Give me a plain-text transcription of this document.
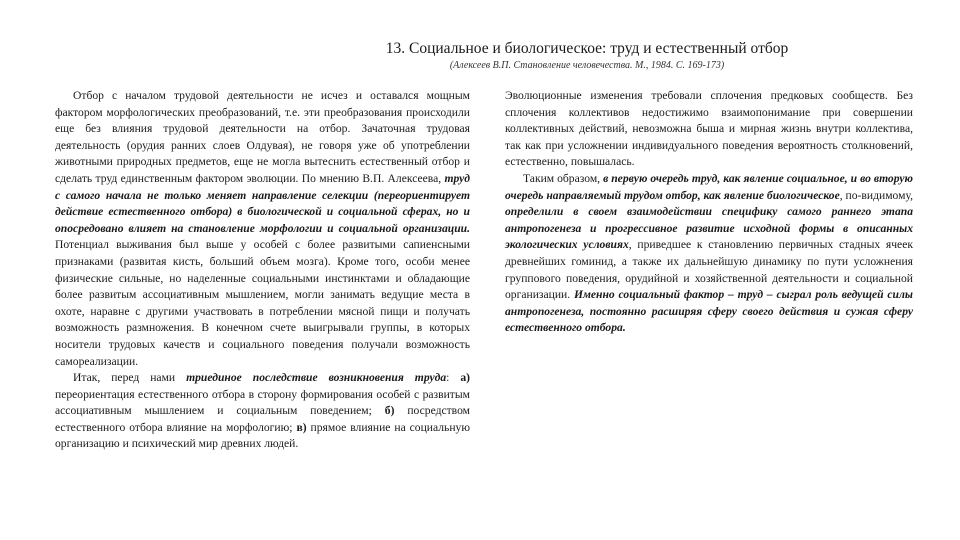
13. Социальное и биологическое: труд и естественный отбор
(Алексеев В.П. Становление человечества. М., 1984. С. 169-173)

Отбор с началом трудовой деятельности не исчез и оставался мощным фактором морфологических преобразований, т.е. эти преобразования происходили еще без влияния трудовой деятельности на отбор. Зачаточная трудовая деятельность (орудия ранних слоев Олдувая), не говоря уже об употреблении животными природных предметов, еще не могла вытеснить естественный отбор и сделать труд единственным фактором эволюции. По мнению В.П. Алексеева, труд с самого начала не только меняет направление селекции (переориентирует действие естественного отбора) в биологической и социальной сферах, но и опосредовано влияет на становление морфологии и социальной организации. Потенциал выживания был выше у особей с более развитыми сапиенсными признаками (развитая кисть, больший объем мозга). Кроме того, особи менее физические сильные, но наделенные социальными инстинктами и обладающие более развитым ассоциативным мышлением, могли занимать ведущие места в охоте, наравне с другими участвовать в потреблении мясной пищи и получать возможность размножения. В конечном счете выигрывали группы, в которых носители трудовых качеств и социального поведения получали возможность самореализации.

Итак, перед нами триединое последствие возникновения труда: а) переориентация естественного отбора в сторону формирования особей с развитым ассоциативным мышлением и социальным поведением; б) посредством естественного отбора влияние на морфологию; в) прямое влияние на социальную организацию и психический мир древних людей.

Эволюционные изменения требовали сплочения предковых сообществ. Без сплочения коллективов недостижимо взаимопонимание при совершении коллективных действий, невозможна быша и мирная жизнь внутри коллектива, так как при усложнении индивидуального поведения вероятность столкновений, естественно, повышалась.

Таким образом, в первую очередь труд, как явление социальное, и во вторую очередь направляемый трудом отбор, как явление биологическое, по-видимому, определили в своем взаимодействии специфику самого раннего этапа антропогенеза и прогрессивное развитие исходной формы в описанных экологических условиях, приведшее к становлению первичных стадных ячеек древнейших гоминид, а также их дальнейшую динамику по пути усложнения группового поведения, орудийной и хозяйственной деятельности и социальной организации. Именно социальный фактор – труд – сыграл роль ведущей силы антропогенеза, постоянно расширяя сферу своего действия и сужая сферу естественного отбора.
